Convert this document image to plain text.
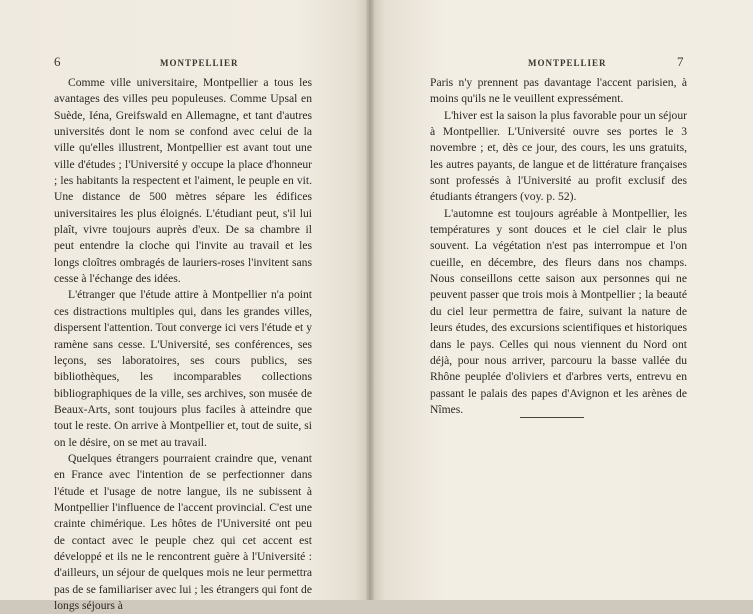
6	MONTPELLIER

Comme ville universitaire, Montpellier a tous les avantages des villes peu populeuses. Comme Upsal en Suède, Iéna, Greifswald en Allemagne, et tant d'autres universités dont le nom se confond avec celui de la ville qu'elles illustrent, Montpellier est avant tout une ville d'études ; l'Université y occupe la place d'honneur ; les habitants la respectent et l'aiment, le peuple en vit. Une distance de 500 mètres sépare les édifices universitaires les plus éloignés. L'étudiant peut, s'il lui plaît, vivre toujours auprès d'eux. De sa chambre il peut entendre la cloche qui l'invite au travail et les longs cloîtres ombragés de lauriers-roses l'invitent sans cesse à l'échange des idées.

L'étranger que l'étude attire à Montpellier n'a point ces distractions multiples qui, dans les grandes villes, dispersent l'attention. Tout converge ici vers l'étude et y ramène sans cesse. L'Université, ses conférences, ses leçons, ses laboratoires, ses cours publics, ses bibliothèques, les incomparables collections bibliographiques de la ville, ses archives, son musée de Beaux-Arts, sont toujours plus faciles à atteindre que tout le reste. On arrive à Montpellier et, tout de suite, si on le désire, on se met au travail.

Quelques étrangers pourraient craindre que, venant en France avec l'intention de se perfectionner dans l'étude et l'usage de notre langue, ils ne subissent à Montpellier l'influence de l'accent provincial. C'est une crainte chimérique. Les hôtes de l'Université ont peu de contact avec le peuple chez qui cet accent est développé et ils ne le rencontrent guère à l'Université : d'ailleurs, un séjour de quelques mois ne leur permettra pas de se familiariser avec lui ; les étrangers qui font de longs séjours à

7
MONTPELLIER

Paris n'y prennent pas davantage l'accent parisien, à moins qu'ils ne le veuillent expressément.

L'hiver est la saison la plus favorable pour un séjour à Montpellier. L'Université ouvre ses portes le 3 novembre ; et, dès ce jour, des cours, les uns gratuits, les autres payants, de langue et de littérature françaises sont professés à l'Université au profit exclusif des étudiants étrangers (voy. p. 52).

L'automne est toujours agréable à Montpellier, les températures y sont douces et le ciel clair le plus souvent. La végétation n'est pas interrompue et l'on cueille, en décembre, des fleurs dans nos champs. Nous conseillons cette saison aux personnes qui ne peuvent passer que trois mois à Montpellier ; la beauté du ciel leur permettra de faire, suivant la nature de leurs études, des excursions scientifiques et historiques dans le pays. Celles qui nous viennent du Nord ont déjà, pour nous arriver, parcouru la basse vallée du Rhône peuplée d'oliviers et d'arbres verts, entrevu en passant le palais des papes d'Avignon et les arènes de Nîmes.
